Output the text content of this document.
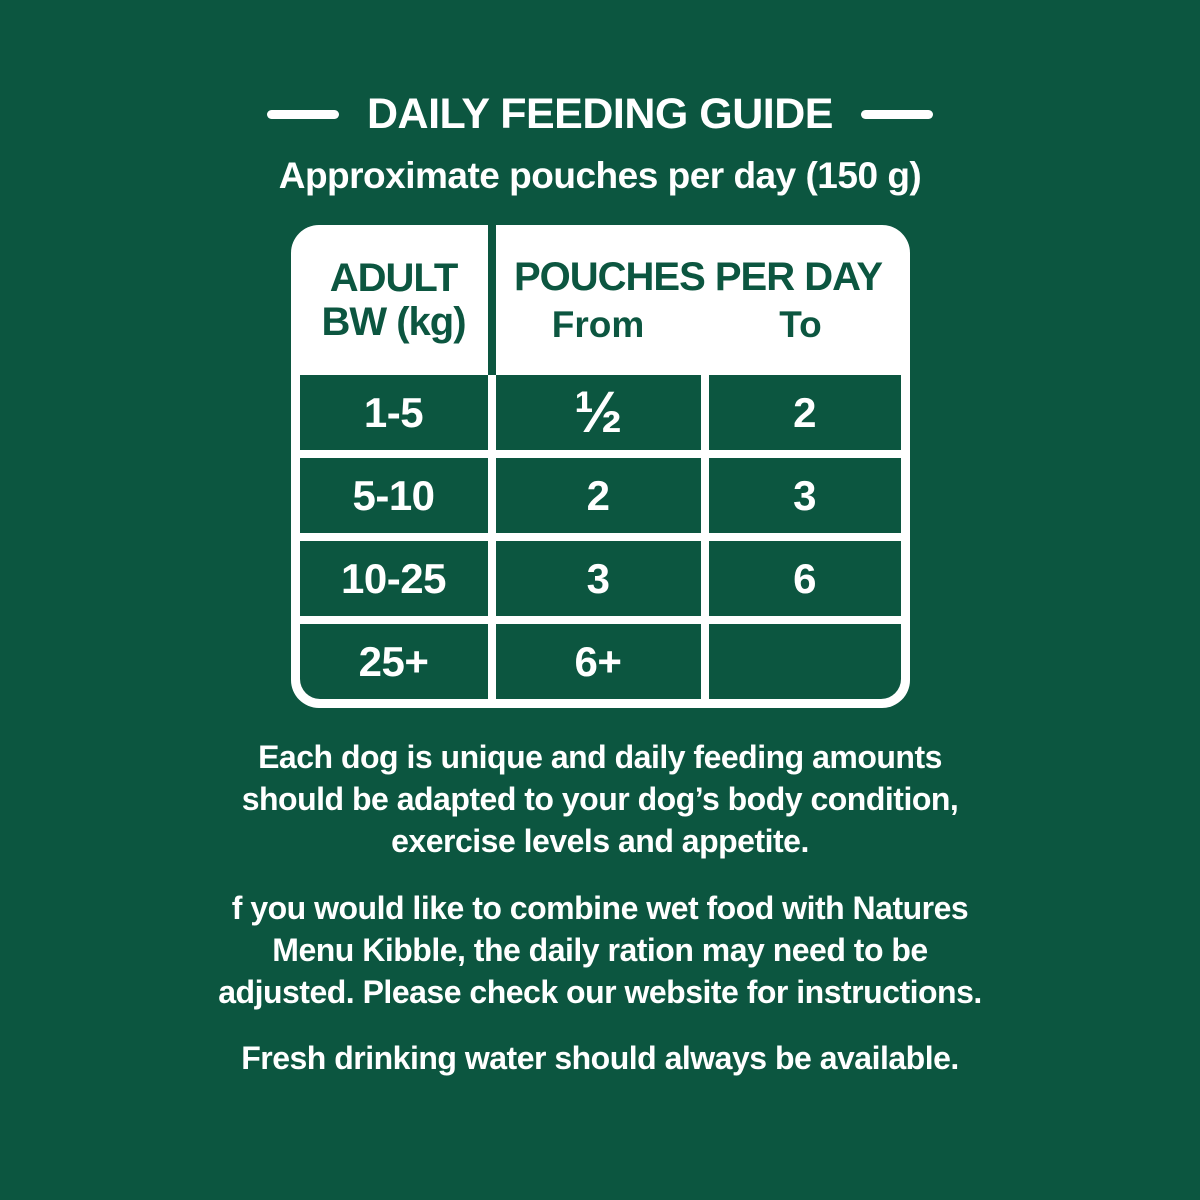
DAILY FEEDING GUIDE
Approximate pouches per day (150 g)
ADULT
BW (kg)
POUCHES PER DAY
From	To
1-5	½	2
5-10	2	3
10-25	3	6
25+	6+

Each dog is unique and daily feeding amounts
should be adapted to your dog’s body condition,
exercise levels and appetite.

f you would like to combine wet food with Natures
Menu Kibble, the daily ration may need to be
adjusted. Please check our website for instructions.

Fresh drinking water should always be available.
